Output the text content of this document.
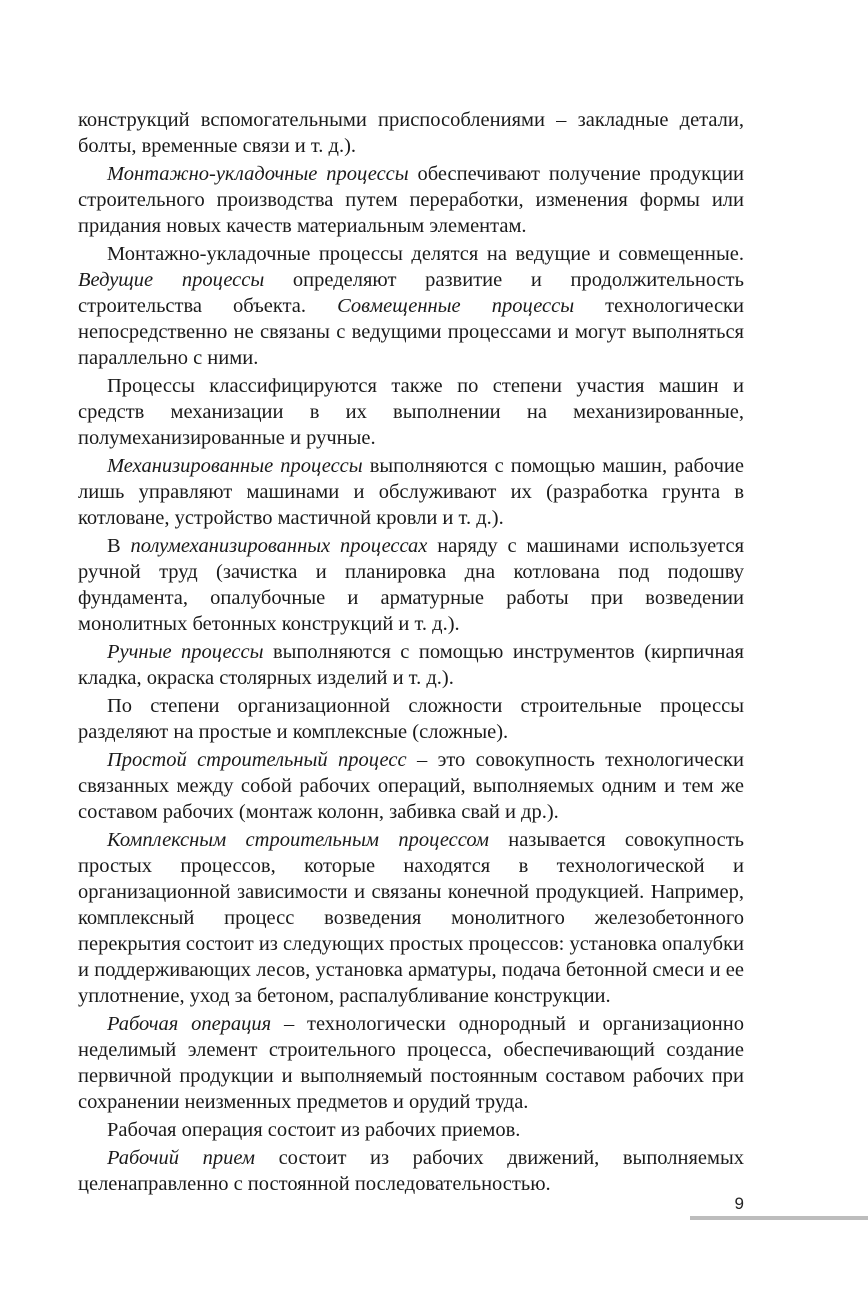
конструкций вспомогательными приспособлениями – закладные детали, болты, временные связи и т. д.).

Монтажно-укладочные процессы обеспечивают получение продукции строительного производства путем переработки, изменения формы или придания новых качеств материальным элементам.

Монтажно-укладочные процессы делятся на ведущие и совмещенные. Ведущие процессы определяют развитие и продолжительность строительства объекта. Совмещенные процессы технологически непосредственно не связаны с ведущими процессами и могут выполняться параллельно с ними.

Процессы классифицируются также по степени участия машин и средств механизации в их выполнении на механизированные, полумеханизированные и ручные.

Механизированные процессы выполняются с помощью машин, рабочие лишь управляют машинами и обслуживают их (разработка грунта в котловане, устройство мастичной кровли и т. д.).

В полумеханизированных процессах наряду с машинами используется ручной труд (зачистка и планировка дна котлована под подошву фундамента, опалубочные и арматурные работы при возведении монолитных бетонных конструкций и т. д.).

Ручные процессы выполняются с помощью инструментов (кирпичная кладка, окраска столярных изделий и т. д.).

По степени организационной сложности строительные процессы разделяют на простые и комплексные (сложные).

Простой строительный процесс – это совокупность технологически связанных между собой рабочих операций, выполняемых одним и тем же составом рабочих (монтаж колонн, забивка свай и др.).

Комплексным строительным процессом называется совокупность простых процессов, которые находятся в технологической и организационной зависимости и связаны конечной продукцией. Например, комплексный процесс возведения монолитного железобетонного перекрытия состоит из следующих простых процессов: установка опалубки и поддерживающих лесов, установка арматуры, подача бетонной смеси и ее уплотнение, уход за бетоном, распалубливание конструкции.

Рабочая операция – технологически однородный и организационно неделимый элемент строительного процесса, обеспечивающий создание первичной продукции и выполняемый постоянным составом рабочих при сохранении неизменных предметов и орудий труда.

Рабочая операция состоит из рабочих приемов.

Рабочий прием состоит из рабочих движений, выполняемых целенаправленно с постоянной последовательностью.

9
